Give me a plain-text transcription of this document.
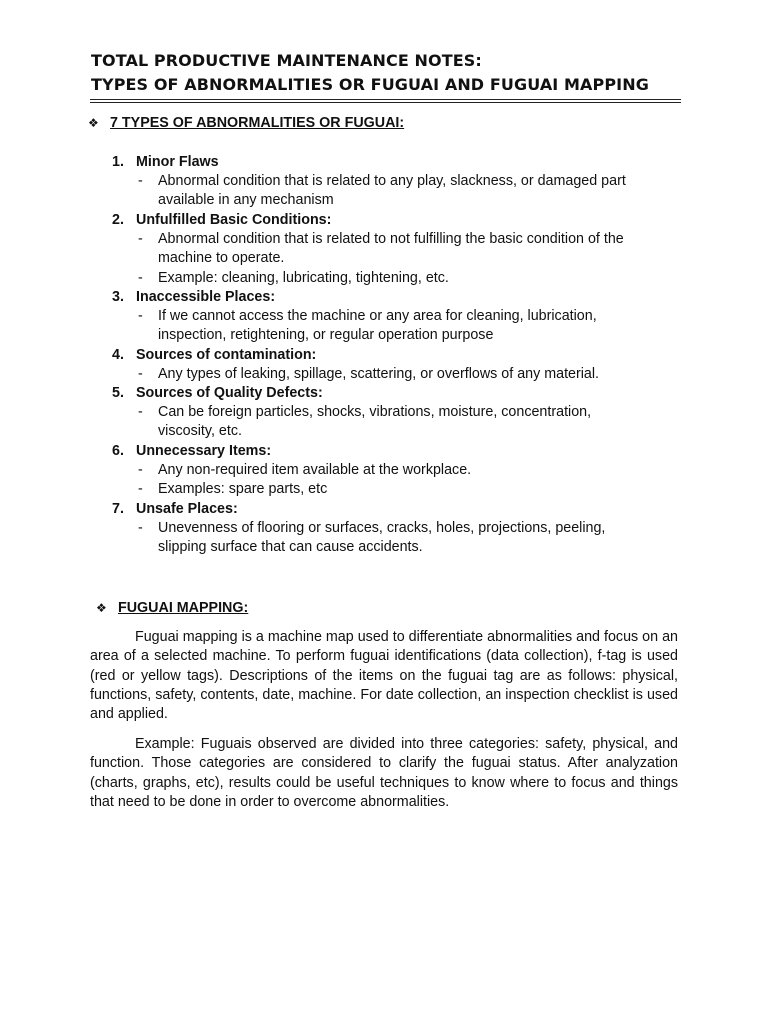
TOTAL PRODUCTIVE MAINTENANCE NOTES:
TYPES OF ABNORMALITIES OR FUGUAI AND FUGUAI MAPPING
❖ 7 TYPES OF ABNORMALITIES OR FUGUAI:
1. Minor Flaws
- Abnormal condition that is related to any play, slackness, or damaged part
available in any mechanism
2. Unfulfilled Basic Conditions:
- Abnormal condition that is related to not fulfilling the basic condition of the
machine to operate.
- Example: cleaning, lubricating, tightening, etc.
3. Inaccessible Places:
- If we cannot access the machine or any area for cleaning, lubrication,
inspection, retightening, or regular operation purpose
4. Sources of contamination:
- Any types of leaking, spillage, scattering, or overflows of any material.
5. Sources of Quality Defects:
- Can be foreign particles, shocks, vibrations, moisture, concentration,
viscosity, etc.
6. Unnecessary Items:
- Any non-required item available at the workplace.
- Examples: spare parts, etc
7. Unsafe Places:
- Unevenness of flooring or surfaces, cracks, holes, projections, peeling,
slipping surface that can cause accidents.
❖ FUGUAI MAPPING:

Fuguai mapping is a machine map used to differentiate abnormalities and focus on an area of a selected machine. To perform fuguai identifications (data collection), f-tag is used (red or yellow tags). Descriptions of the items on the fuguai tag are as follows: physical, functions, safety, contents, date, machine. For date collection, an inspection checklist is used and applied.

Example: Fuguais observed are divided into three categories: safety, physical, and function. Those categories are considered to clarify the fuguai status. After analyzation (charts, graphs, etc), results could be useful techniques to know where to focus and things that need to be done in order to overcome abnormalities.
